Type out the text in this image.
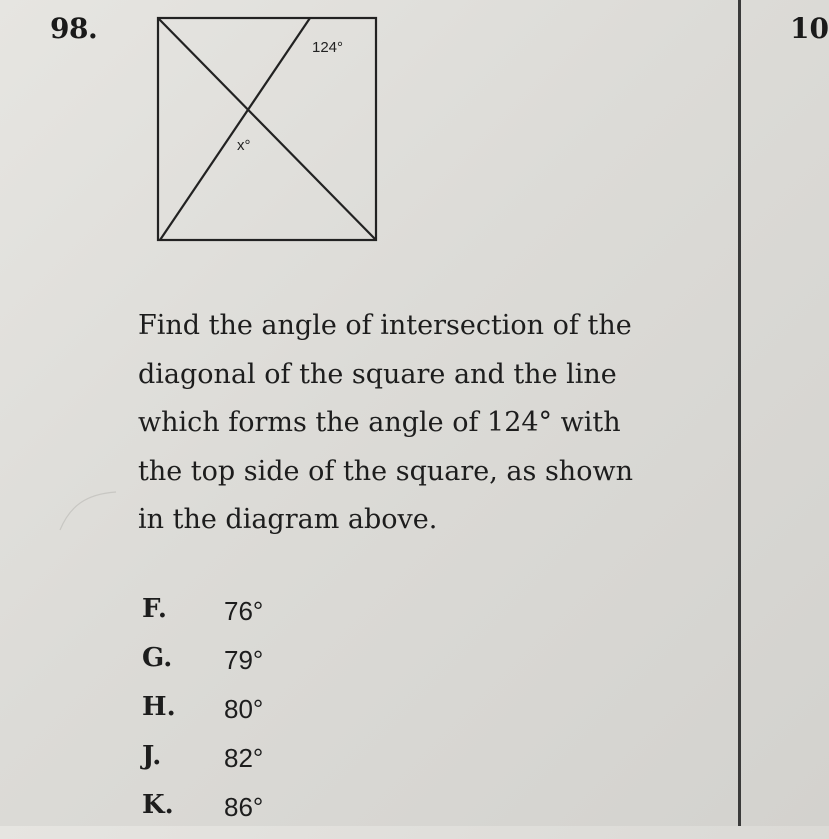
98.	10
124°
x°

Find the angle of intersection of the
diagonal of the square and the line
which forms the angle of 124° with
the top side of the square, as shown
in the diagram above.

F. 76°
G. 79°
H. 80°
J. 82°
K. 86°
